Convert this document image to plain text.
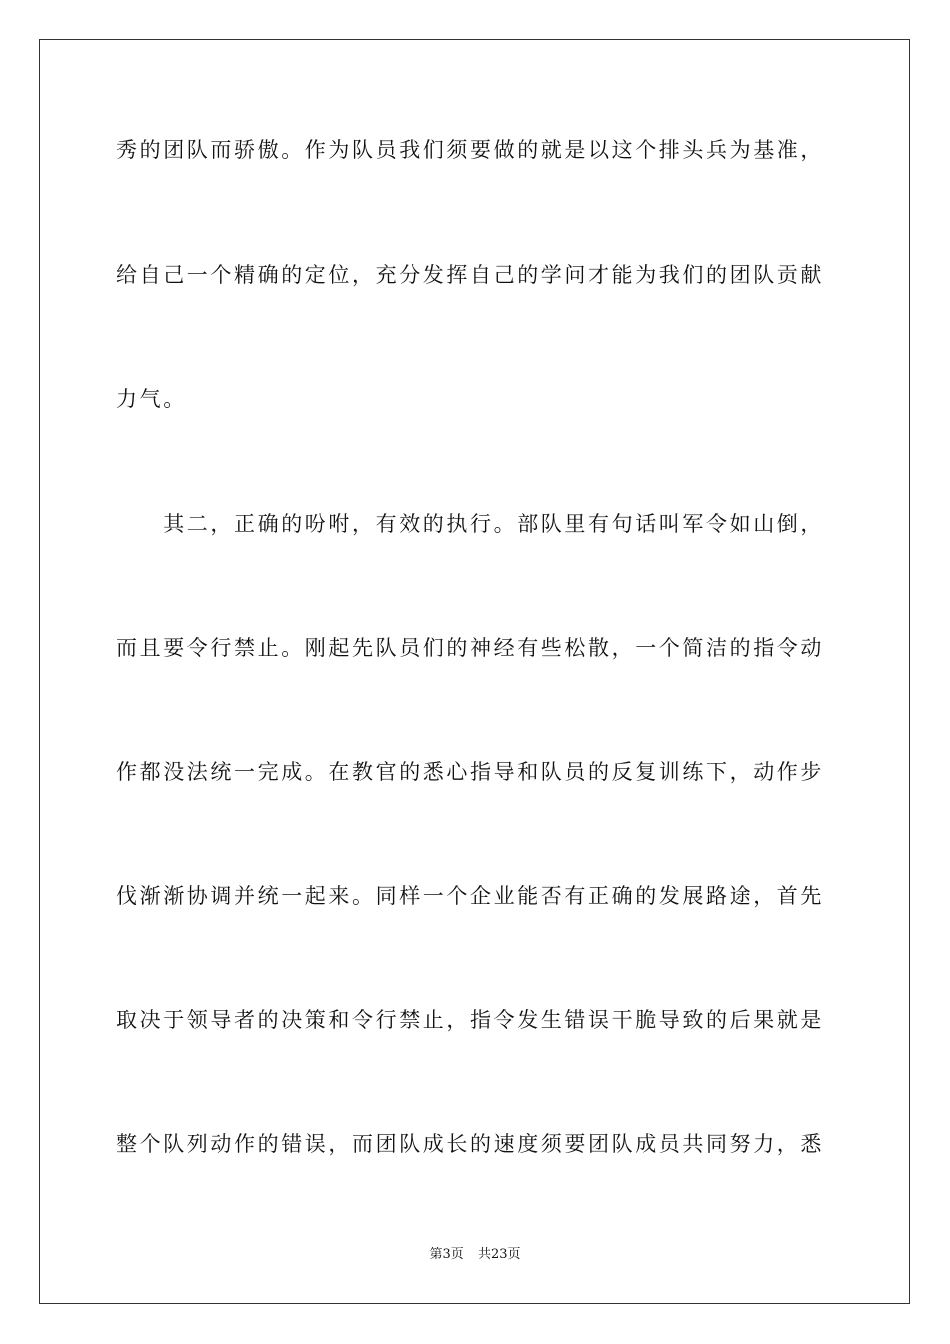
秀的团队而骄傲。作为队员我们须要做的就是以这个排头兵为基准，
给自己一个精确的定位，充分发挥自己的学问才能为我们的团队贡献
力气。
　　其二，正确的吩咐，有效的执行。部队里有句话叫军令如山倒，
而且要令行禁止。刚起先队员们的神经有些松散，一个简洁的指令动
作都没法统一完成。在教官的悉心指导和队员的反复训练下，动作步
伐渐渐协调并统一起来。同样一个企业能否有正确的发展路途，首先
取决于领导者的决策和令行禁止，指令发生错误干脆导致的后果就是
整个队列动作的错误，而团队成长的速度须要团队成员共同努力，悉
第3页 共23页
